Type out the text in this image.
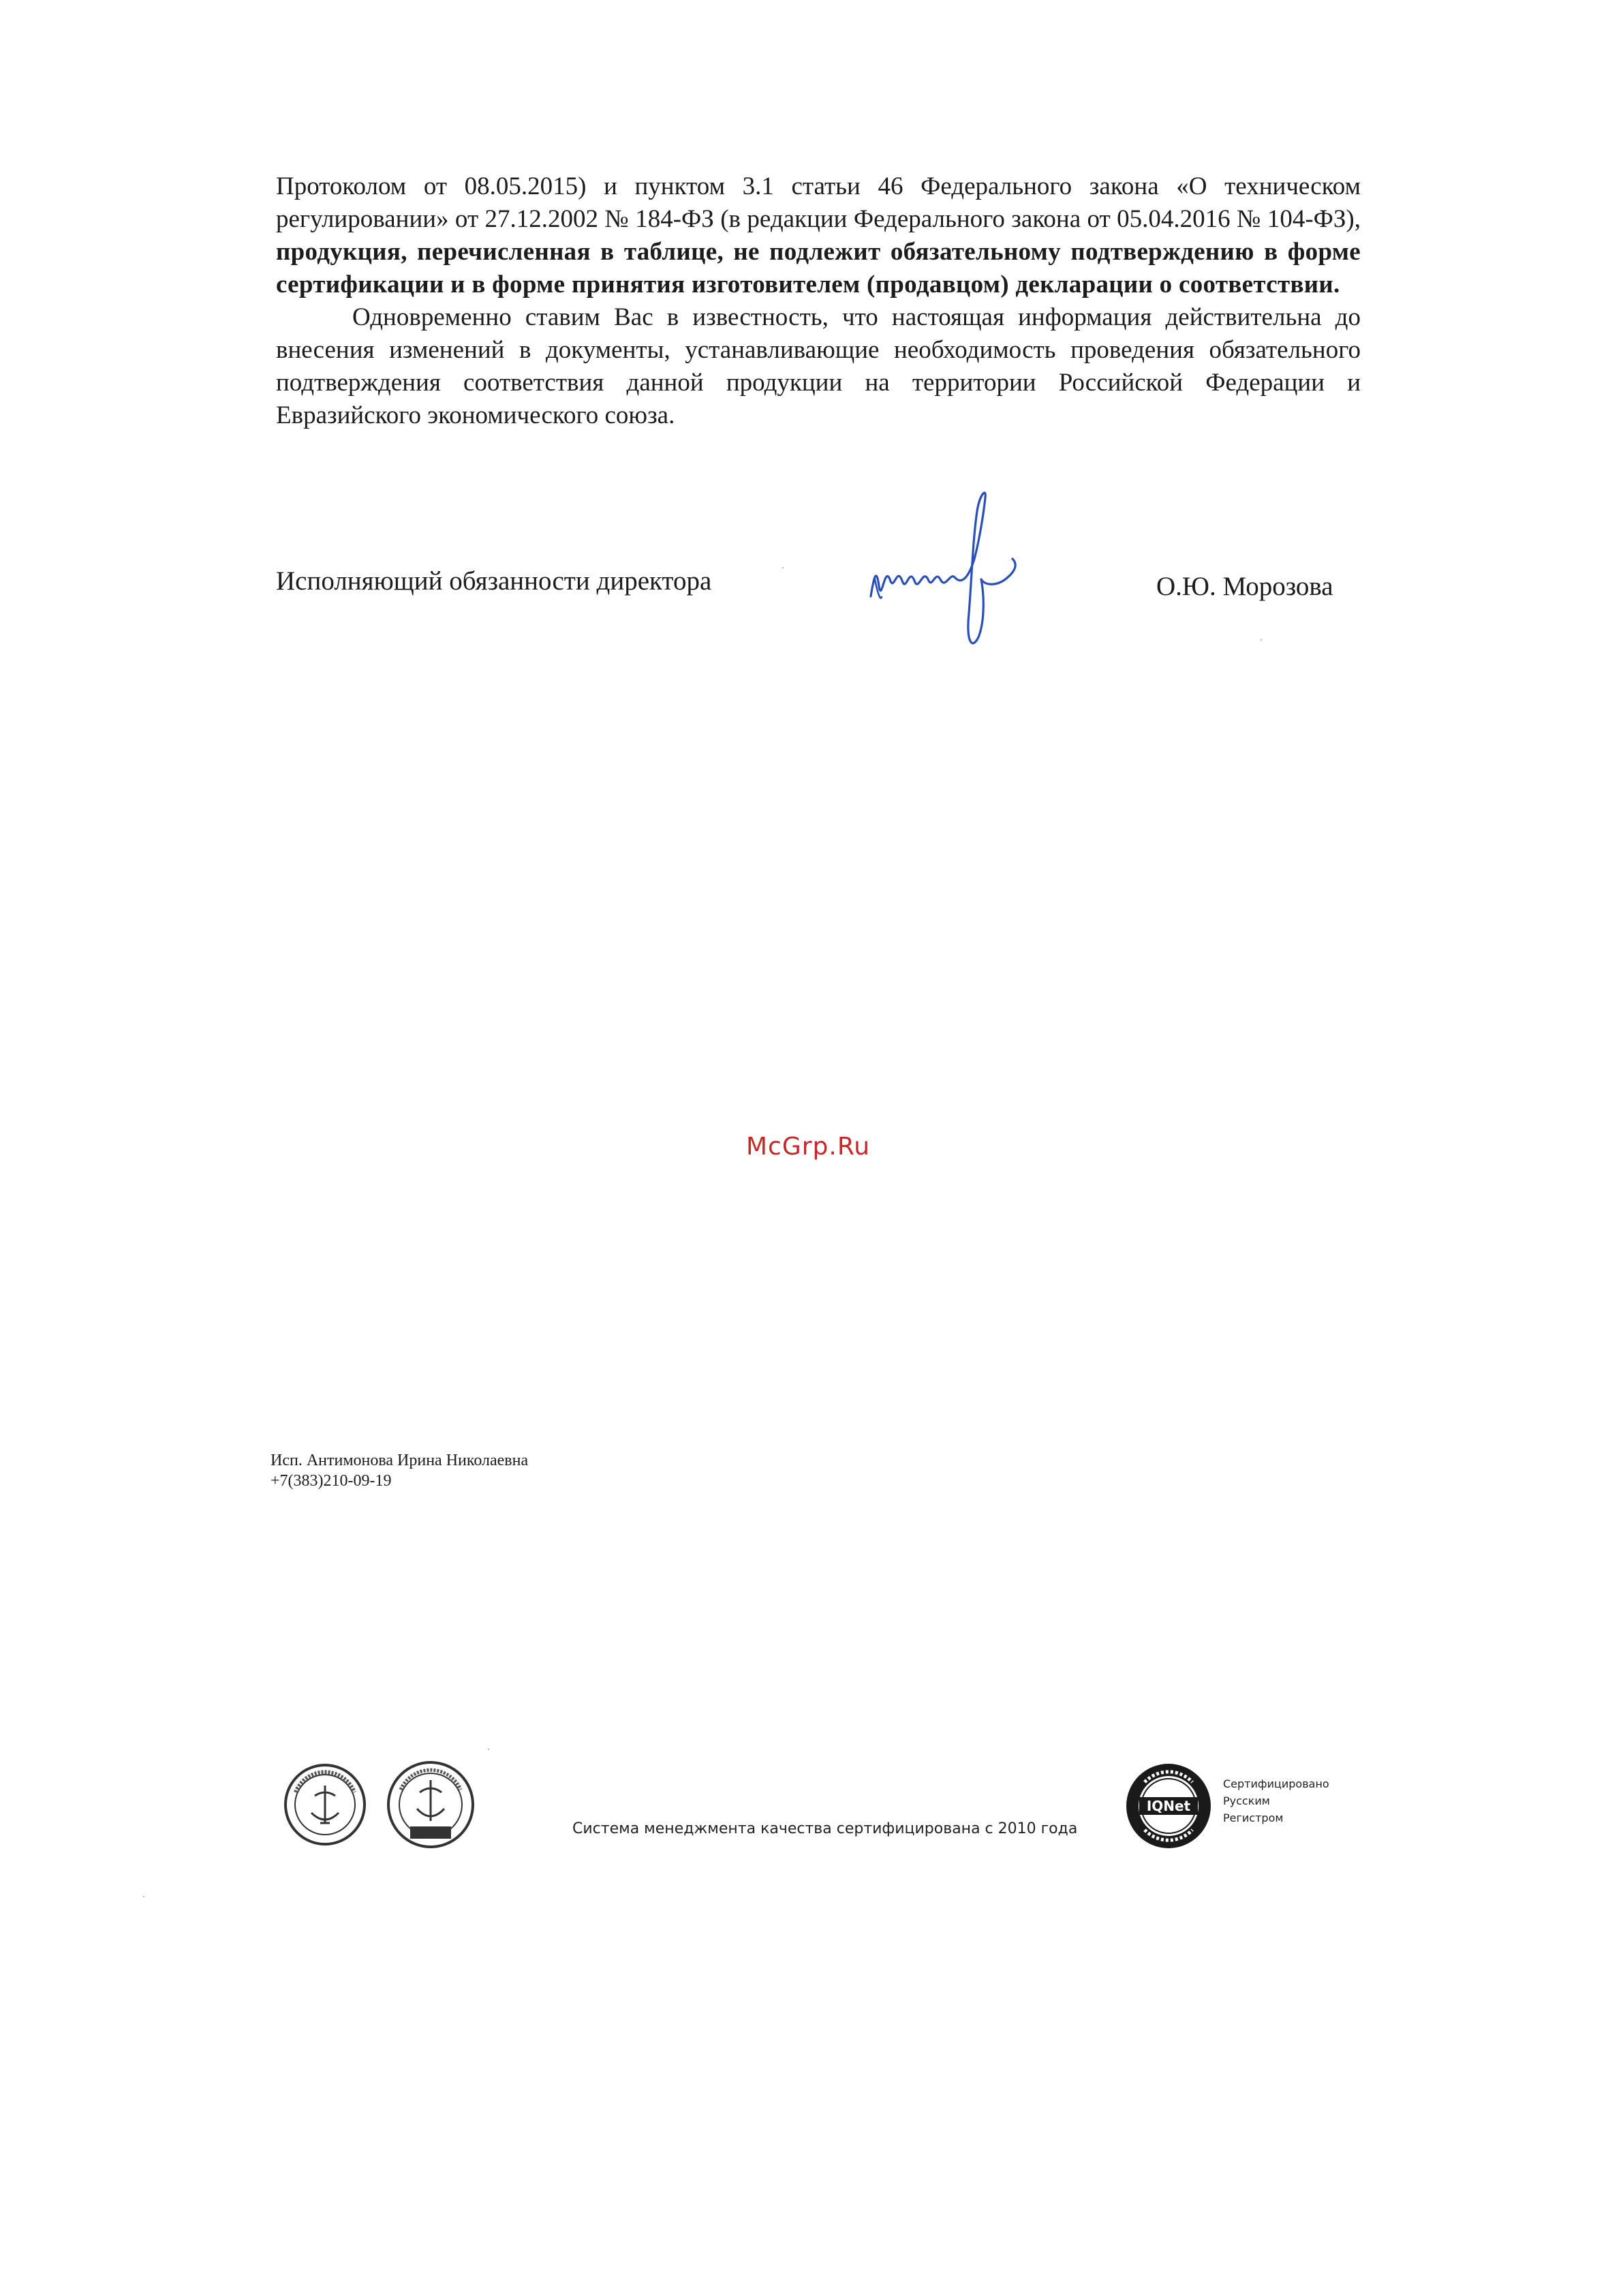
Протоколом от 08.05.2015) и пунктом 3.1 статьи 46 Федерального закона «О техническом регулировании» от 27.12.2002 № 184-ФЗ (в редакции Федерального закона от 05.04.2016 № 104-ФЗ), продукция, перечисленная в таблице, не подлежит обязательному подтверждению в форме сертификации и в форме принятия изготовителем (продавцом) декларации о соответствии.

Одновременно ставим Вас в известность, что настоящая информация действительна до внесения изменений в документы, устанавливающие необходимость проведения обязательного подтверждения соответствия данной продукции на территории Российской Федерации и Евразийского экономического союза.

Исполняющий обязанности директора	О.Ю. Морозова
McGrp.Ru
Исп. Антимонова Ирина Николаевна
+7(383)210-09-19
Система менеджмента качества сертифицирована с 2010 года
IQNet
Сертифицировано
Русским
Регистром
